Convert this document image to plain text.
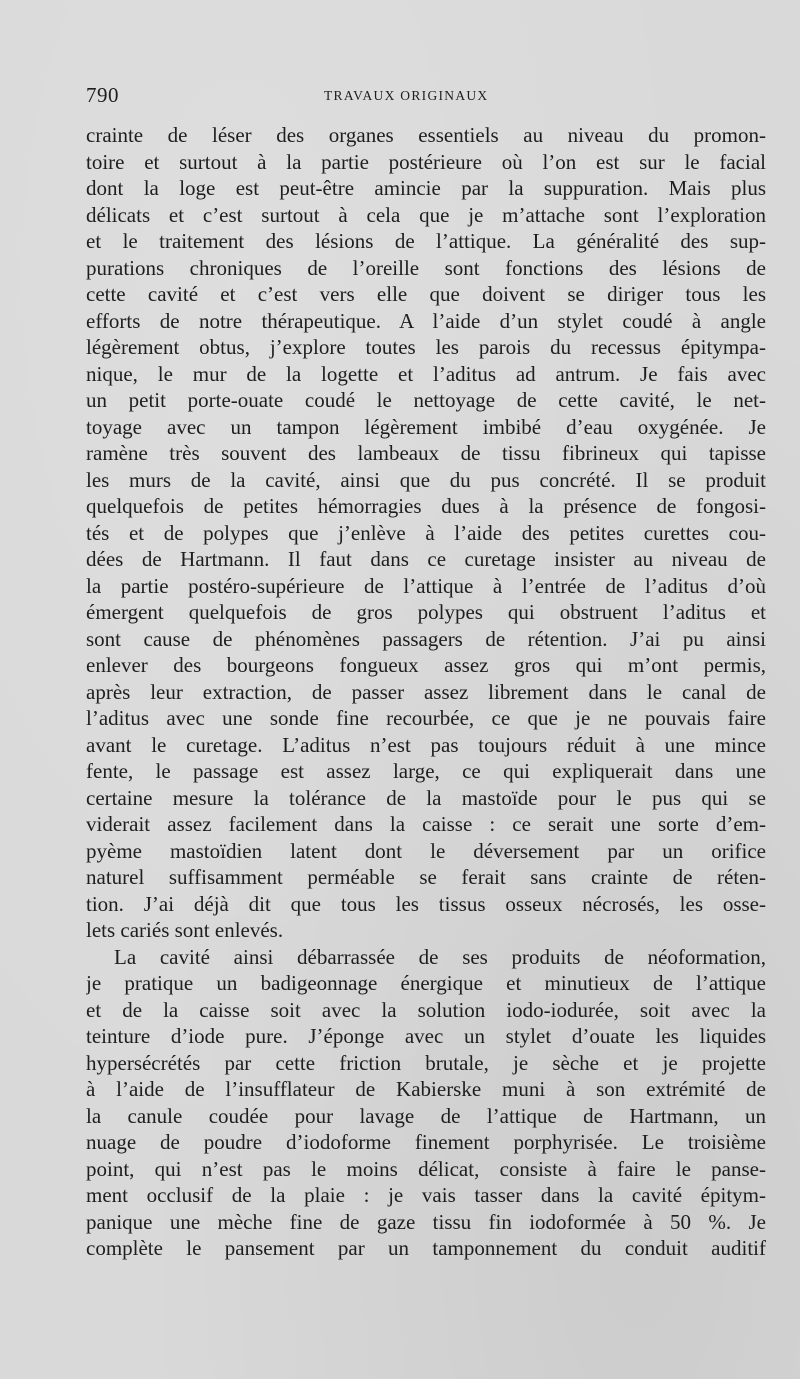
790	TRAVAUX ORIGINAUX
crainte de léser des organes essentiels au niveau du promon-
toire et surtout à la partie postérieure où l’on est sur le facial
dont la loge est peut-être amincie par la suppuration. Mais plus
délicats et c’est surtout à cela que je m’attache sont l’exploration
et le traitement des lésions de l’attique. La généralité des sup-
purations chroniques de l’oreille sont fonctions des lésions de
cette cavité et c’est vers elle que doivent se diriger tous les
efforts de notre thérapeutique. A l’aide d’un stylet coudé à angle
légèrement obtus, j’explore toutes les parois du recessus épitympa-
nique, le mur de la logette et l’aditus ad antrum. Je fais avec
un petit porte-ouate coudé le nettoyage de cette cavité, le net-
toyage avec un tampon légèrement imbibé d’eau oxygénée. Je
ramène très souvent des lambeaux de tissu fibrineux qui tapisse
les murs de la cavité, ainsi que du pus concrété. Il se produit
quelquefois de petites hémorragies dues à la présence de fongosi-
tés et de polypes que j’enlève à l’aide des petites curettes cou-
dées de Hartmann. Il faut dans ce curetage insister au niveau de
la partie postéro-supérieure de l’attique à l’entrée de l’aditus d’où
émergent quelquefois de gros polypes qui obstruent l’aditus et
sont cause de phénomènes passagers de rétention. J’ai pu ainsi
enlever des bourgeons fongueux assez gros qui m’ont permis,
après leur extraction, de passer assez librement dans le canal de
l’aditus avec une sonde fine recourbée, ce que je ne pouvais faire
avant le curetage. L’aditus n’est pas toujours réduit à une mince
fente, le passage est assez large, ce qui expliquerait dans une
certaine mesure la tolérance de la mastoïde pour le pus qui se
viderait assez facilement dans la caisse : ce serait une sorte d’em-
pyème mastoïdien latent dont le déversement par un orifice
naturel suffisamment perméable se ferait sans crainte de réten-
tion. J’ai déjà dit que tous les tissus osseux nécrosés, les osse-
lets cariés sont enlevés.
La cavité ainsi débarrassée de ses produits de néoformation,
je pratique un badigeonnage énergique et minutieux de l’attique
et de la caisse soit avec la solution iodo-iodurée, soit avec la
teinture d’iode pure. J’éponge avec un stylet d’ouate les liquides
hypersécrétés par cette friction brutale, je sèche et je projette
à l’aide de l’insufflateur de Kabierske muni à son extrémité de
la canule coudée pour lavage de l’attique de Hartmann, un
nuage de poudre d’iodoforme finement porphyrisée. Le troisième
point, qui n’est pas le moins délicat, consiste à faire le panse-
ment occlusif de la plaie : je vais tasser dans la cavité épitym-
panique une mèche fine de gaze tissu fin iodoformée à 50 %. Je
complète le pansement par un tamponnement du conduit auditif
